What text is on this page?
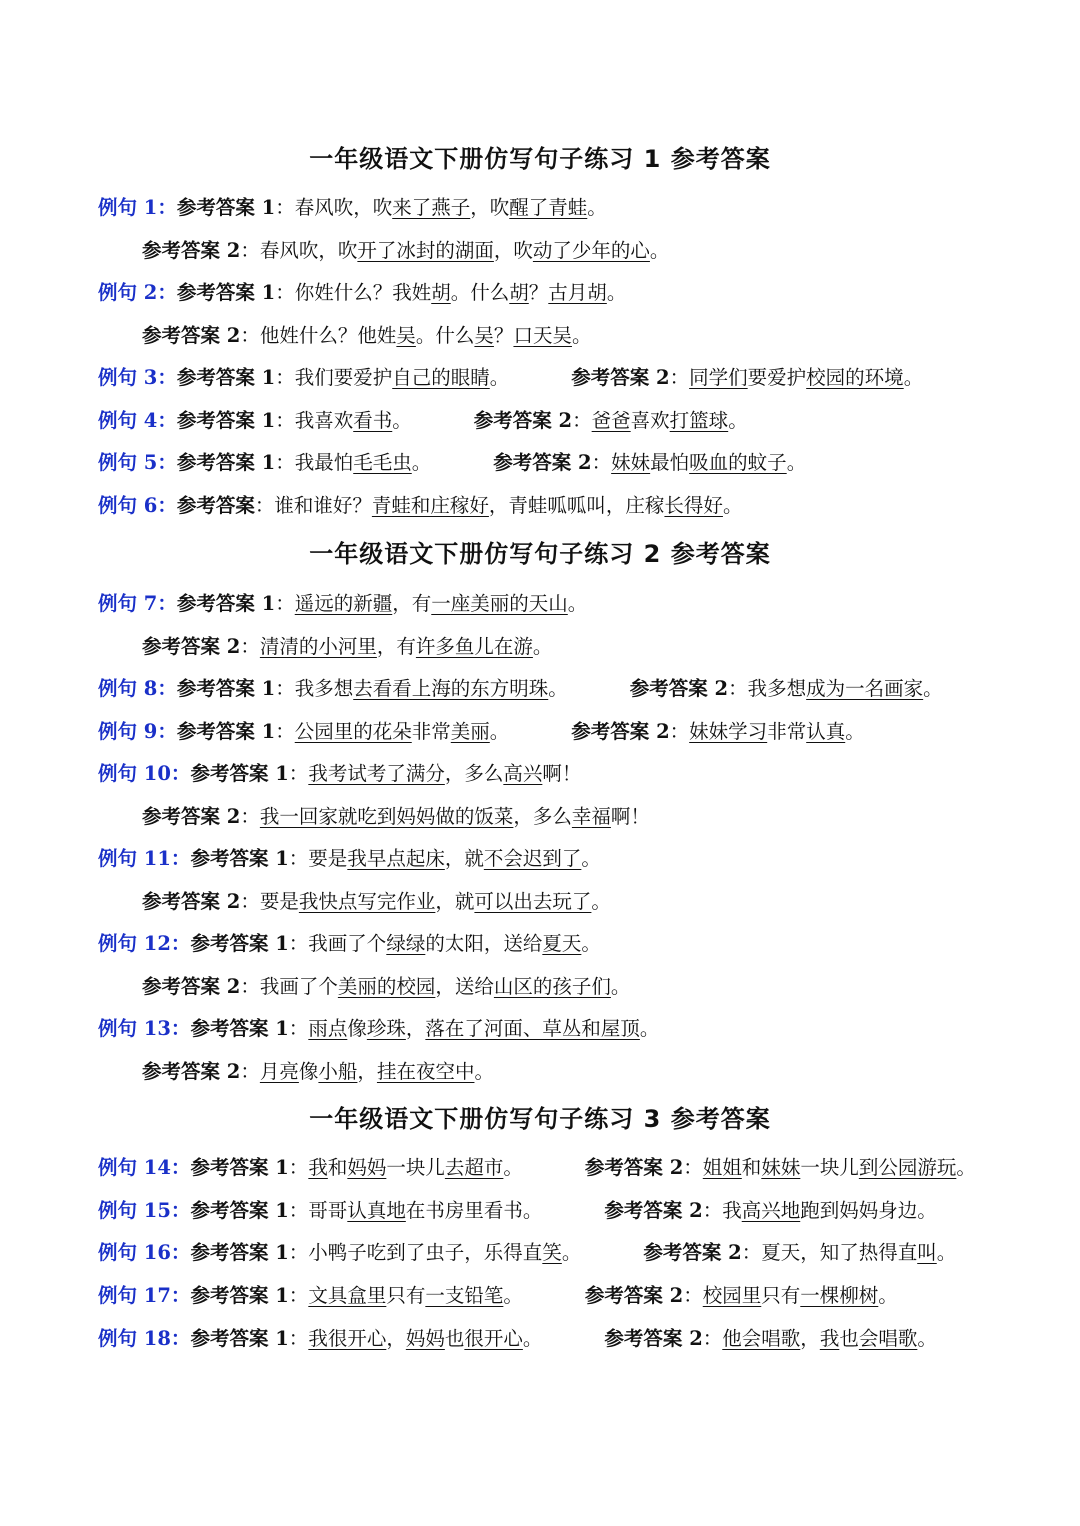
一年级语文下册仿写句子练习 1 参考答案
例句 1：参考答案 1：春风吹，吹来了燕子，吹醒了青蛙。
参考答案 2：春风吹，吹开了冰封的湖面，吹动了少年的心。
例句 2：参考答案 1：你姓什么？我姓胡。什么胡？古月胡。
参考答案 2：他姓什么？他姓吴。什么吴？口天吴。
例句 3：参考答案 1：我们要爱护自己的眼睛。	参考答案 2：同学们要爱护校园的环境。
例句 4：参考答案 1：我喜欢看书。	参考答案 2：爸爸喜欢打篮球。
例句 5：参考答案 1：我最怕毛毛虫。	参考答案 2：妹妹最怕吸血的蚊子。
例句 6：参考答案：谁和谁好？青蛙和庄稼好，青蛙呱呱叫，庄稼长得好。
一年级语文下册仿写句子练习 2 参考答案
例句 7：参考答案 1：遥远的新疆，有一座美丽的天山。
参考答案 2：清清的小河里，有许多鱼儿在游。
例句 8：参考答案 1：我多想去看看上海的东方明珠。	参考答案 2：我多想成为一名画家。
例句 9：参考答案 1：公园里的花朵非常美丽。	参考答案 2：妹妹学习非常认真。
例句 10：参考答案 1：我考试考了满分，多么高兴啊！
参考答案 2：我一回家就吃到妈妈做的饭菜，多么幸福啊！
例句 11：参考答案 1：要是我早点起床，就不会迟到了。
参考答案 2：要是我快点写完作业，就可以出去玩了。
例句 12：参考答案 1：我画了个绿绿的太阳，送给夏天。
参考答案 2：我画了个美丽的校园，送给山区的孩子们。
例句 13：参考答案 1：雨点像珍珠，落在了河面、草丛和屋顶。
参考答案 2：月亮像小船，挂在夜空中。
一年级语文下册仿写句子练习 3 参考答案
例句 14：参考答案 1：我和妈妈一块儿去超市。	参考答案 2：姐姐和妹妹一块儿到公园游玩。
例句 15：参考答案 1：哥哥认真地在书房里看书。	参考答案 2：我高兴地跑到妈妈身边。
例句 16：参考答案 1：小鸭子吃到了虫子，乐得直笑。	参考答案 2：夏天，知了热得直叫。
例句 17：参考答案 1：文具盒里只有一支铅笔。	参考答案 2：校园里只有一棵柳树。
例句 18：参考答案 1：我很开心，妈妈也很开心。	参考答案 2：他会唱歌，我也会唱歌。
